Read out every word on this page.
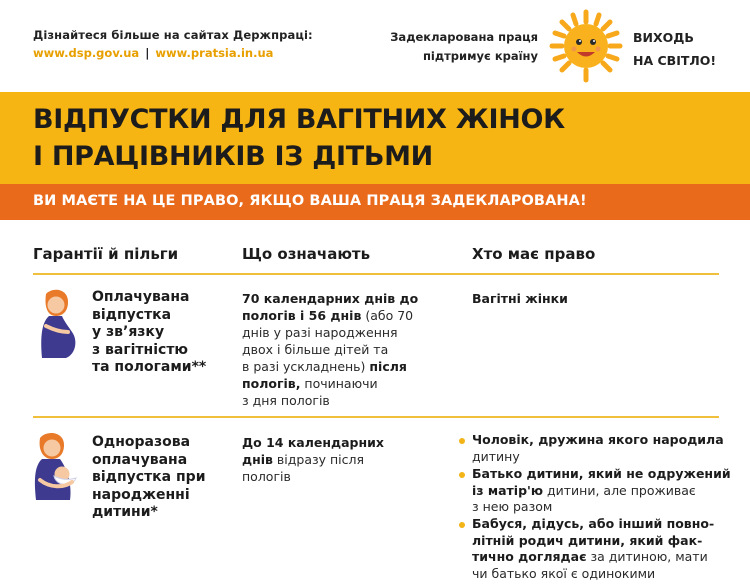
Дізнайтеся більше на сайтах Держпраці:
www.dsp.gov.ua | www.pratsia.in.ua
Задекларована праця
підтримує країну
ВИХОДЬ
НА СВІТЛО!
ВІДПУСТКИ ДЛЯ ВАГІТНИХ ЖІНОК
І ПРАЦІВНИКІВ ІЗ ДІТЬМИ
ВИ МАЄТЕ НА ЦЕ ПРАВО, ЯКЩО ВАША ПРАЦЯ ЗАДЕКЛАРОВАНА!
Гарантії й пільги	Що означають	Хто має право
Оплачувана
відпустка
у зв’язку
з вагітністю
та пологами**
70 календарних днів до
пологів і 56 днів (або 70
днів у разі народження
двох і більше дітей та
в разі ускладнень) після
пологів, починаючи
з дня пологів
Вагітні жінки
Одноразова
оплачувана
відпустка при
народженні
дитини*
До 14 календарних
днів відразу після
пологів
Чоловік, дружина якого народила
дитину
Батько дитини, який не одружений
із матір'ю дитини, але проживає
з нею разом
Бабуся, дідусь, або інший повно-
літній родич дитини, який фак-
тично доглядає за дитиною, мати
чи батько якої є одинокими
